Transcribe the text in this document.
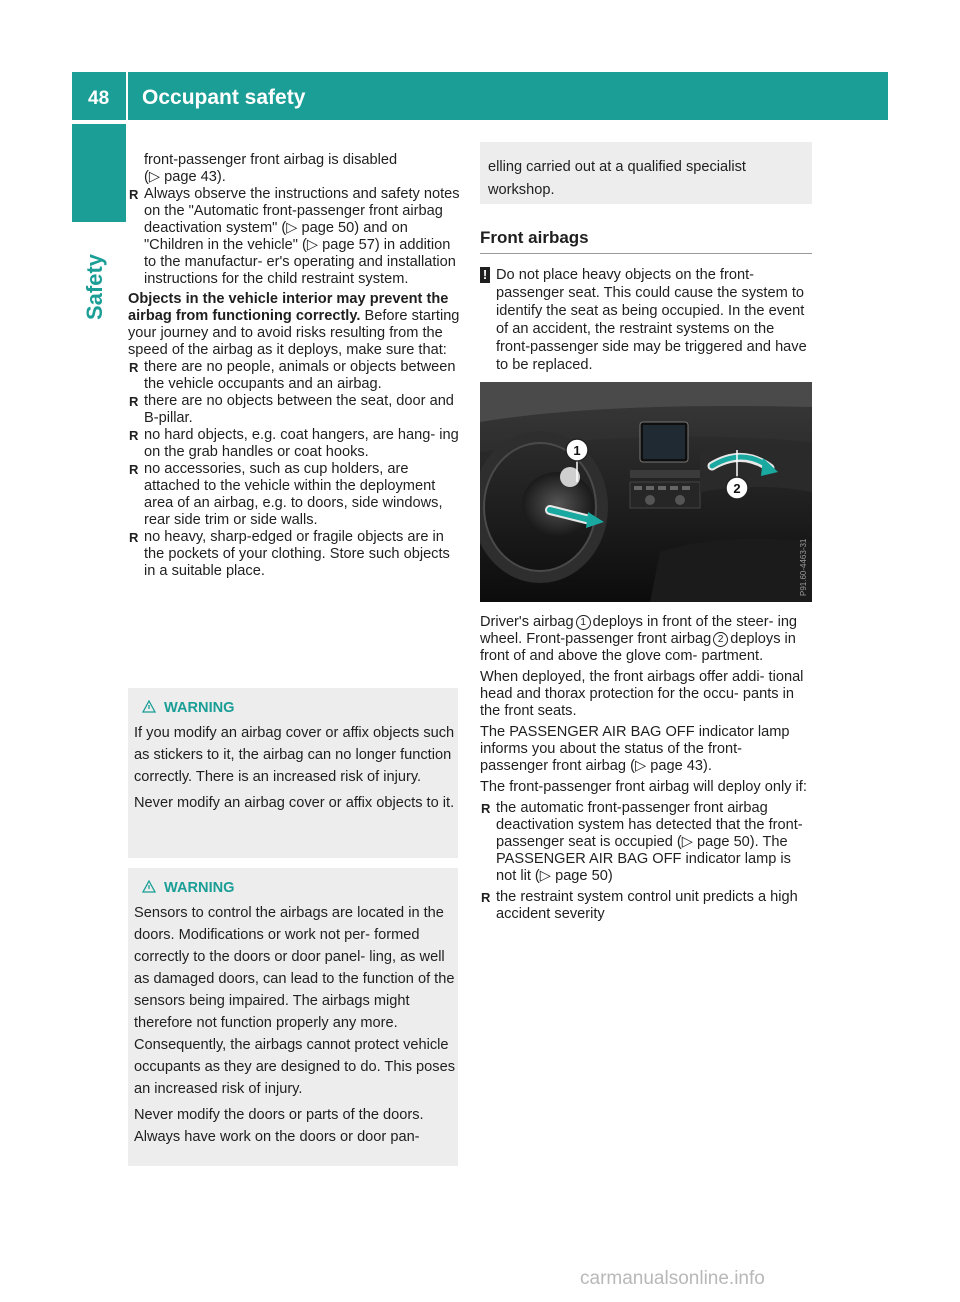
48 Occupant safety
Safety

front-passenger front airbag is disabled

(▷ page 43).

R Always observe the instructions and safety notes on the "Automatic front-passenger front airbag deactivation system" (▷ page 50) and on "Children in the vehicle" (▷ page 57) in addition to the manufactur- er's operating and installation instructions for the child restraint system.

Objects in the vehicle interior may prevent the airbag from functioning correctly. Before starting your journey and to avoid risks resulting from the speed of the airbag as it deploys, make sure that:

R there are no people, animals or objects between the vehicle occupants and an airbag.

R there are no objects between the seat, door and B-pillar.

R no hard objects, e.g. coat hangers, are hang- ing on the grab handles or coat hooks.

R no accessories, such as cup holders, are attached to the vehicle within the deployment area of an airbag, e.g. to doors, side windows, rear side trim or side walls.

R no heavy, sharp-edged or fragile objects are in the pockets of your clothing. Store such objects in a suitable place.

WARNING

If you modify an airbag cover or affix objects such as stickers to it, the airbag can no longer function correctly. There is an increased risk of injury.

Never modify an airbag cover or affix objects to it.

WARNING

Sensors to control the airbags are located in the doors. Modifications or work not per- formed correctly to the doors or door panel- ling, as well as damaged doors, can lead to the function of the sensors being impaired. The airbags might therefore not function properly any more. Consequently, the airbags cannot protect vehicle occupants as they are designed to do. This poses an increased risk of injury.

Never modify the doors or parts of the doors. Always have work on the doors or door pan-

elling carried out at a qualified specialist workshop.

Front airbags
! Do not place heavy objects on the front- passenger seat. This could cause the system to identify the seat as being occupied. In the event of an accident, the restraint systems on the front-passenger side may be triggered and have to be replaced.

1
2
P91.60-4463-31

Driver's airbag 1 deploys in front of the steer- ing wheel. Front-passenger front airbag 2 deploys in front of and above the glove com- partment.

When deployed, the front airbags offer addi- tional head and thorax protection for the occu- pants in the front seats.

The PASSENGER AIR BAG OFF indicator lamp informs you about the status of the front- passenger front airbag (▷ page 43).

The front-passenger front airbag will deploy only if:

R the automatic front-passenger front airbag deactivation system has detected that the front-passenger seat is occupied (▷ page 50). The PASSENGER AIR BAG OFF indicator lamp is not lit (▷ page 50)

R the restraint system control unit predicts a high accident severity

carmanualsonline.info
